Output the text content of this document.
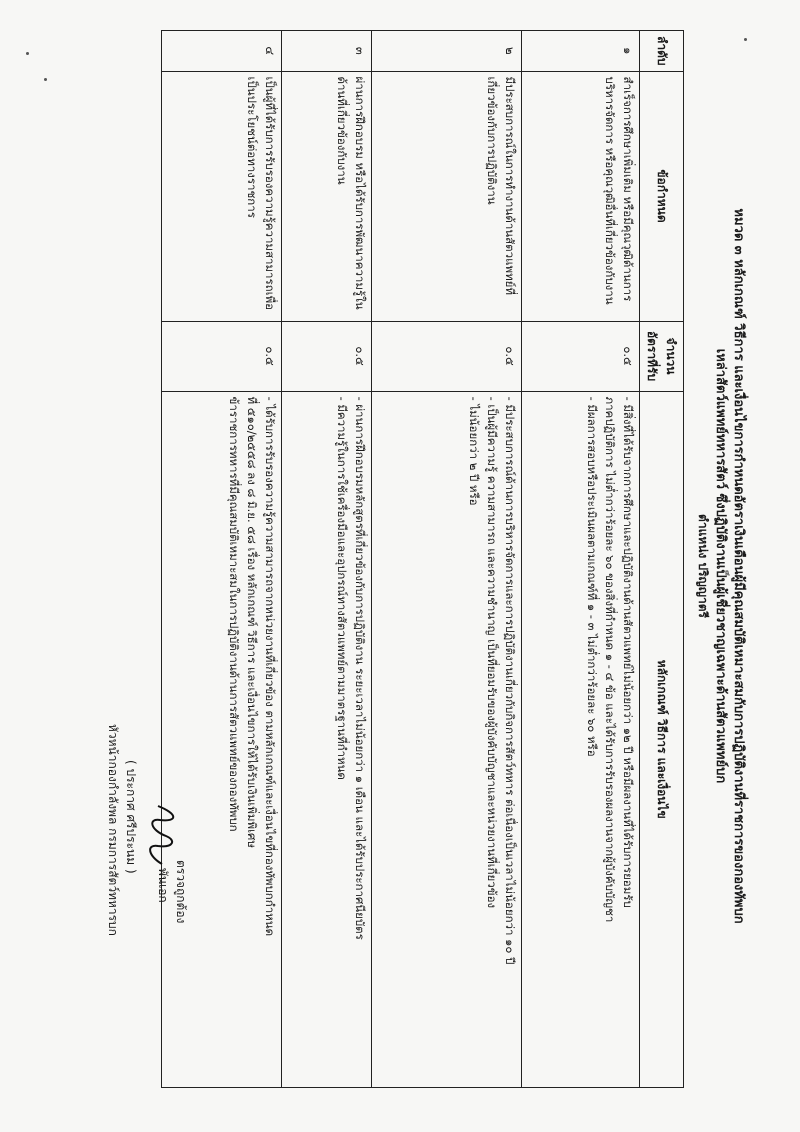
หมวด ๓ หลักเกณฑ์ วิธีการ และเงื่อนไขการกำหนดอัตราเงินเดือนผู้มีคุณสมบัติเหมาะสมกับการปฏิบัติงานที่ราชการของกองทัพบก
เหล่าสัตว์แพทย์ทหารสัตว์ ซึ่งปฏิบัติงานเป็นผู้เชี่ยวชาญเฉพาะด้านสัตวแพทย์บก
ตำแหน่ง ปริญญาตรี
ลำดับ	ข้อกำหนด	จำนวนอัตราที่รับ	หลักเกณฑ์ วิธีการ และเงื่อนไข
๑	สำเร็จการศึกษาเพิ่มเติม หรือมีคุณวุฒิด้านการบริหารจัดการ หรือคุณวุฒิอื่นที่เกี่ยวข้องกับงาน	๐.๕	- มีสิ่งที่ได้รับจากการศึกษาและปฏิบัติงานด้านสัตวแพทย์ไม่น้อยกว่า ๑๒ ปี หรือมีผลงานที่ได้รับการยอมรับ
ภาคปฏิบัติการ ไม่ต่ำกว่าร้อยละ ๖๐ ของสิ่งที่กำหนด ๑ - ๔ ข้อ และได้รับการรับรองผลงานจากผู้บังคับบัญชา
- มีผลการสอบหรือประเมินผลตามเกณฑ์ที่ ๑ - ๓ ไม่ต่ำกว่าร้อยละ ๖๐ หรือ

๒	มีประสบการณ์ในการทำงานด้านสัตวแพทย์ที่เกี่ยวข้องกับการปฏิบัติงาน	๐.๕	- มีประสบการณ์ด้านการบริหารจัดการและการปฏิบัติงานเกี่ยวกับกิจการสัตว์ทหาร ต่อเนื่องเป็นเวลาไม่น้อยกว่า ๑๐ ปี
- เป็นผู้มีความรู้ ความสามารถ และความชำนาญ เป็นที่ยอมรับของผู้บังคับบัญชาและหน่วยงานที่เกี่ยวข้อง
- ไม่น้อยกว่า ๒ ปี หรือ

๓	ผ่านการฝึกอบรม หรือได้รับการพัฒนาความรู้ในด้านที่เกี่ยวข้องกับงาน	๐.๕	- ผ่านการฝึกอบรมหลักสูตรที่เกี่ยวข้องกับการปฏิบัติงาน ระยะเวลาไม่น้อยกว่า ๑ เดือน และได้รับประกาศนียบัตร
- มีความรู้ในการใช้เครื่องมือและอุปกรณ์ทางสัตวแพทย์ตามมาตรฐานที่กำหนด

๔	เป็นผู้ที่ได้รับการรับรองความรู้ความสามารถเพื่อเป็นประโยชน์ต่อทางราชการ	๐.๕	- ได้รับการรับรองความรู้ความสามารถจากหน่วยงานที่เกี่ยวข้อง ตามหลักเกณฑ์และเงื่อนไขที่กองทัพบกกำหนด
ที่ ๕๑๐/๒๕๕๘ ลง ๘ มิ.ย. ๕๘ เรื่อง หลักเกณฑ์ วิธีการ และเงื่อนไขการให้ได้รับเงินเพิ่มพิเศษ
ข้าราชการทหารที่มีคุณสมบัติเหมาะสมในการปฏิบัติงานด้านการสัตวแพทย์ของกองทัพบก
ตรวจถูกต้อง
พันเอก
( ประกาศ ศรีประนม )
หัวหน้ากองกำลังพล กรมการสัตว์ทหารบก
